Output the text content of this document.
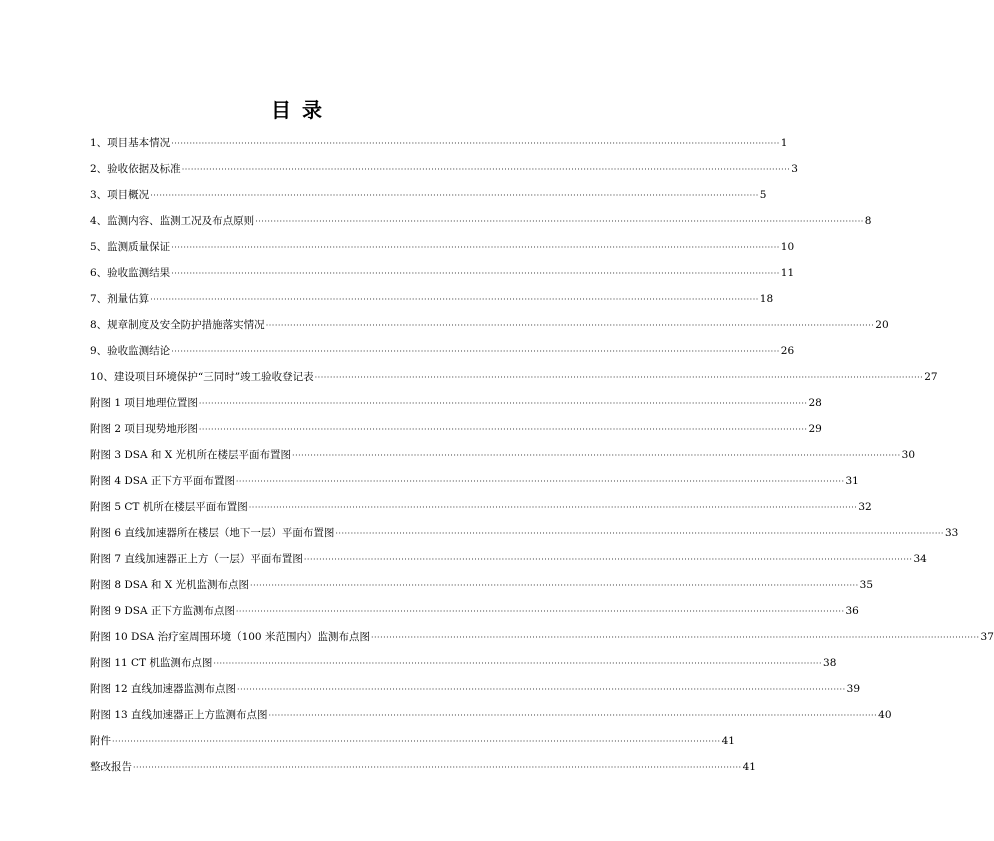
目 录
1、项目基本情况 ········································································································································································································ 1
2、验收依据及标准 ········································································································································································································ 3
3、项目概况 ········································································································································································································ 5
4、监测内容、监测工况及布点原则 ········································································································································································································ 8
5、监测质量保证 ········································································································································································································ 10
6、验收监测结果 ········································································································································································································ 11
7、剂量估算 ········································································································································································································ 18
8、规章制度及安全防护措施落实情况 ········································································································································································································ 20
9、验收监测结论 ········································································································································································································ 26
10、建设项目环境保护“三同时”竣工验收登记表 ········································································································································································································ 27
附图 1 项目地理位置图 ········································································································································································································ 28
附图 2 项目现势地形图 ········································································································································································································ 29
附图 3 DSA 和 X 光机所在楼层平面布置图 ········································································································································································································ 30
附图 4 DSA 正下方平面布置图 ········································································································································································································ 31
附图 5 CT 机所在楼层平面布置图 ········································································································································································································ 32
附图 6 直线加速器所在楼层（地下一层）平面布置图 ········································································································································································································ 33
附图 7 直线加速器正上方（一层）平面布置图 ········································································································································································································ 34
附图 8 DSA 和 X 光机监测布点图 ········································································································································································································ 35
附图 9 DSA 正下方监测布点图 ········································································································································································································ 36
附图 10 DSA 治疗室周围环境（100 米范围内）监测布点图 ········································································································································································································ 37
附图 11 CT 机监测布点图 ········································································································································································································ 38
附图 12 直线加速器监测布点图 ········································································································································································································ 39
附图 13 直线加速器正上方监测布点图 ········································································································································································································ 40
附件 ········································································································································································································ 41
整改报告 ········································································································································································································ 41
